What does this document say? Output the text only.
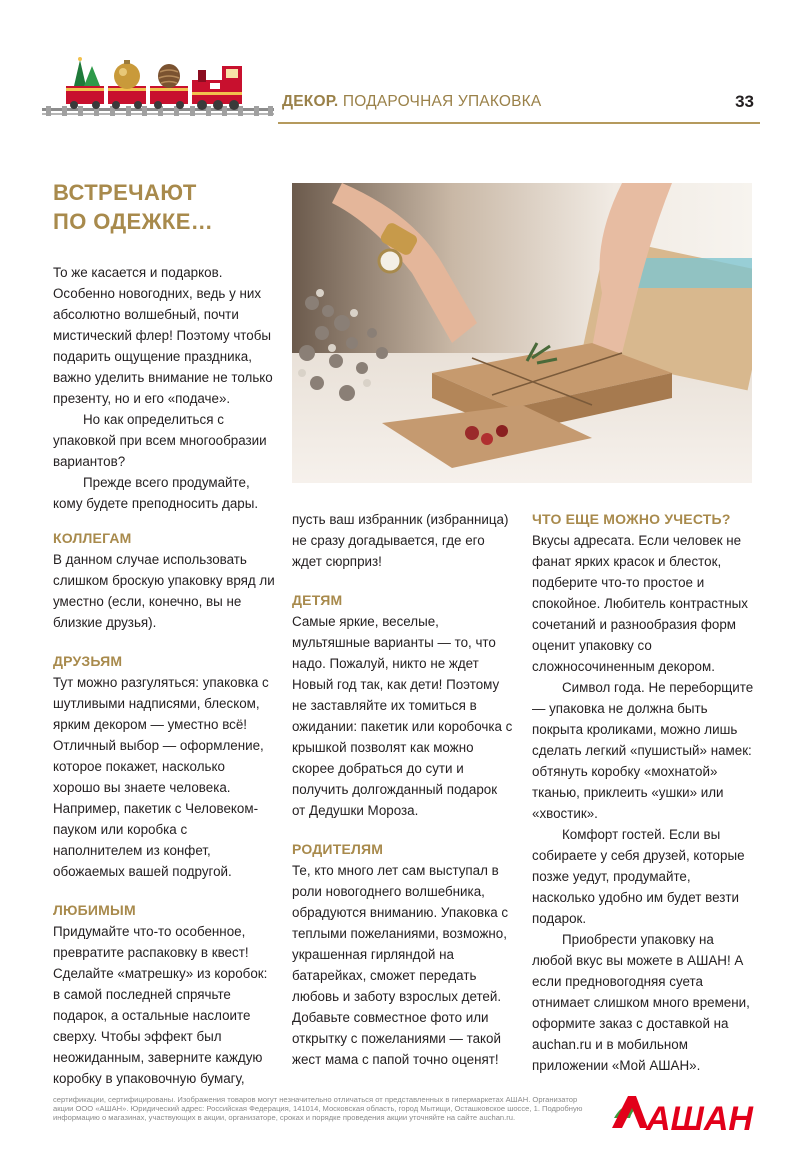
ДЕКОР. ПОДАРОЧНАЯ УПАКОВКА	33
ВСТРЕЧАЮТ
ПО ОДЕЖКЕ…

То же касается и подарков. Особенно новогодних, ведь у них абсолютно волшебный, почти мистический флер! Поэтому чтобы подарить ощущение праздника, важно уделить внимание не только презенту, но и его «подаче».

Но как определиться с упаковкой при всем многообразии вариантов?

Прежде всего продумайте, кому будете преподносить дары.

КОЛЛЕГАМ

В данном случае использовать слишком броскую упаковку вряд ли уместно (если, конечно, вы не близкие друзья).

ДРУЗЬЯМ

Тут можно разгуляться: упаковка с шутливыми надписями, блеском, ярким декором — уместно всё! Отличный выбор — оформление, которое покажет, насколько хорошо вы знаете человека. Например, пакетик с Человеком-пауком или коробка с наполнителем из конфет, обожаемых вашей подругой.

ЛЮБИМЫМ

Придумайте что-то особенное, превратите распаковку в квест! Сделайте «матрешку» из коробок: в самой последней спрячьте подарок, а остальные наслоите сверху. Чтобы эффект был неожиданным, заверните каждую коробку в упаковочную бумагу,

пусть ваш избранник (избранница) не сразу догадывается, где его ждет сюрприз!

ДЕТЯМ

Самые яркие, веселые, мультяшные варианты — то, что надо. Пожалуй, никто не ждет Новый год так, как дети! Поэтому не заставляйте их томиться в ожидании: пакетик или коробочка с крышкой позволят как можно скорее добраться до сути и получить долгожданный подарок от Дедушки Мороза.

РОДИТЕЛЯМ

Те, кто много лет сам выступал в роли новогоднего волшебника, обрадуются вниманию. Упаковка с теплыми пожеланиями, возможно, украшенная гирляндой на батарейках, сможет передать любовь и заботу взрослых детей. Добавьте совместное фото или открытку с пожеланиями — такой жест мама с папой точно оценят!

ЧТО ЕЩЕ МОЖНО УЧЕСТЬ?

Вкусы адресата. Если человек не фанат ярких красок и блесток, подберите что-то простое и спокойное. Любитель контрастных сочетаний и разнообразия форм оценит упаковку со сложносочиненным декором.

Символ года. Не переборщите — упаковка не должна быть покрыта кроликами, можно лишь сделать легкий «пушистый» намек: обтянуть коробку «мохнатой» тканью, приклеить «ушки» или «хвостик».

Комфорт гостей. Если вы собираете у себя друзей, которые позже уедут, продумайте, насколько удобно им будет везти подарок.

Приобрести упаковку на любой вкус вы можете в АШАН! А если предновогодняя суета отнимает слишком много времени, оформите заказ с доставкой на auchan.ru и в мобильном приложении «Мой АШАН».

сертификации, сертифицированы. Изображения товаров могут незначительно отличаться от представленных в гипермаркетах АШАН. Организатор акции ООО «АШАН». Юридический адрес: Российская Федерация, 141014, Московская область, город Мытищи, Осташковское шоссе, 1. Подробную информацию о магазинах, участвующих в акции, организаторе, сроках и порядке проведения акции уточняйте на сайте auchan.ru.	АШАН
